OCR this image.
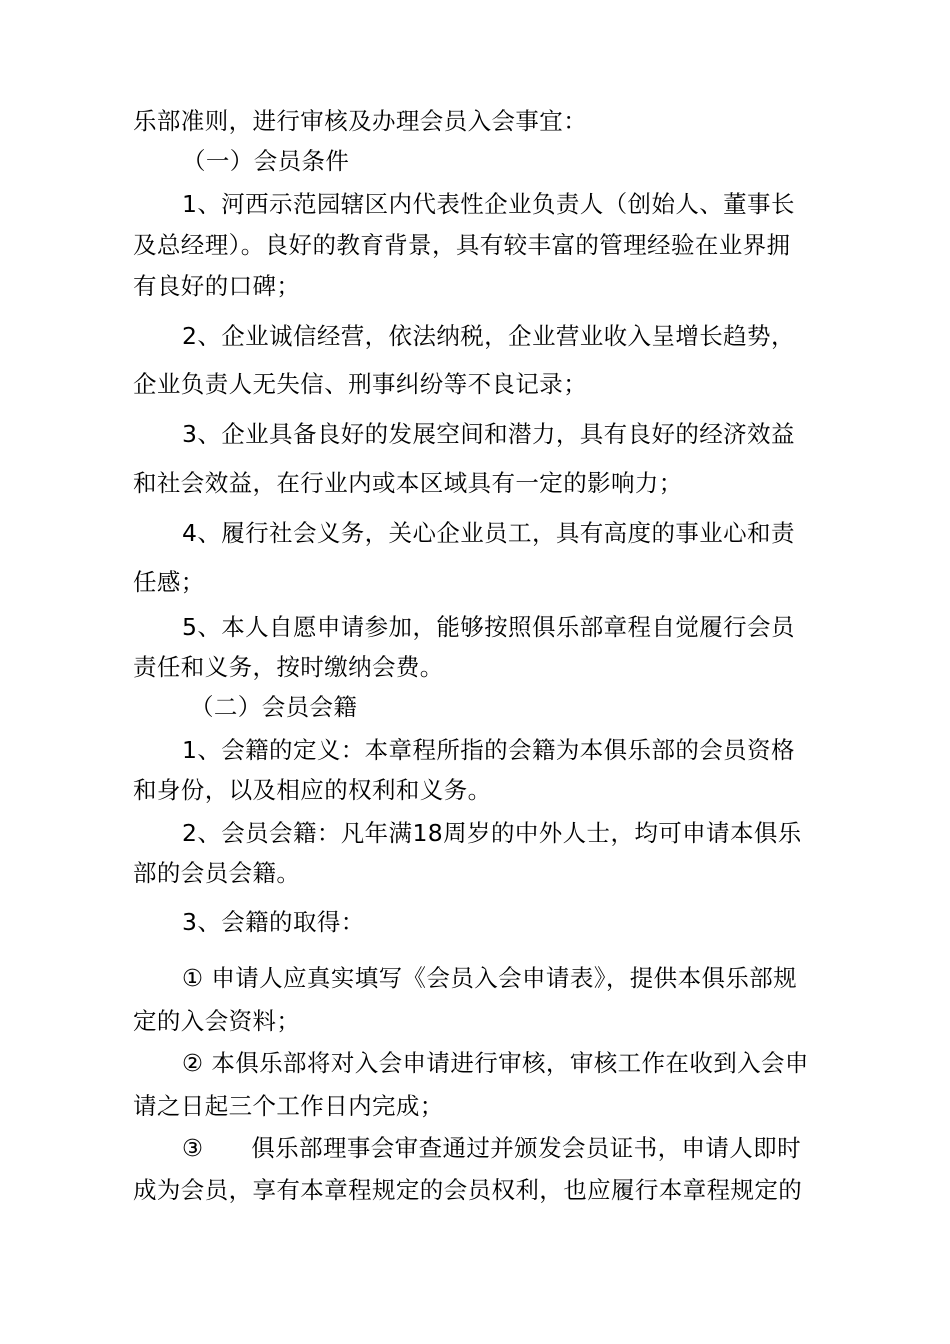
乐部准则，进行审核及办理会员入会事宜：
（一）会员条件
1、河西示范园辖区内代表性企业负责人（创始人、董事长
及总经理）。良好的教育背景，具有较丰富的管理经验在业界拥
有良好的口碑；
2、企业诚信经营，依法纳税，企业营业收入呈增长趋势，
企业负责人无失信、刑事纠纷等不良记录；
3、企业具备良好的发展空间和潜力，具有良好的经济效益
和社会效益，在行业内或本区域具有一定的影响力；
4、履行社会义务，关心企业员工，具有高度的事业心和责
任感；
5、本人自愿申请参加，能够按照俱乐部章程自觉履行会员
责任和义务，按时缴纳会费。
（二）会员会籍
1、会籍的定义：本章程所指的会籍为本俱乐部的会员资格
和身份，以及相应的权利和义务。
2、会员会籍：凡年满18周岁的中外人士，均可申请本俱乐
部的会员会籍。
3、会籍的取得：
① 申请人应真实填写《会员入会申请表》，提供本俱乐部规
定的入会资料；
② 本俱乐部将对入会申请进行审核，审核工作在收到入会申
请之日起三个工作日内完成；
③　　俱乐部理事会审查通过并颁发会员证书，申请人即时
成为会员，享有本章程规定的会员权利，也应履行本章程规定的
